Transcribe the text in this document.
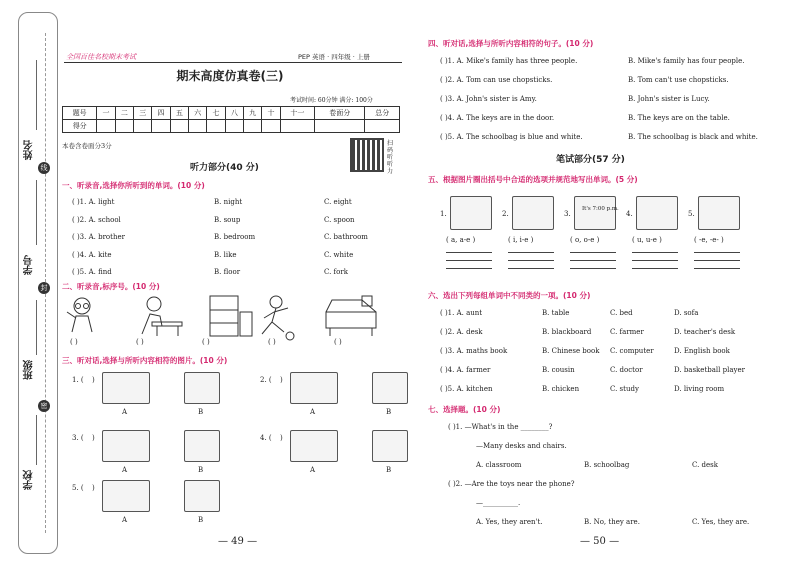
姓名
线
学号
封
班级
密
学校
全国百佳名校期末考试	PEP 英语 · 四年级 · 上册
期末高度仿真卷(三)
考试时间: 60分钟 满分: 100分
题号	一	二	三	四	五	六	七	八	九	十	十一	卷面分	总分
得分													
本卷含卷面分3分	扫码听听力
听力部分(40 分)
一、听录音,选择你所听到的单词。(10 分)
二、听录音,标序号。(10 分)
三、听对话,选择与所听内容相符的图片。(10 分)
四、听对话,选择与所听内容相符的句子。(10 分)
笔试部分(57 分)
五、根据图片圈出括号中合适的选项并规范地写出单词。(5 分)
六、选出下列每组单词中不同类的一项。(10 分)
七、选择题。(10 分)
( )1. —What's in the ________?
—Many desks and chairs.
A. classroom	B. schoolbag	C. desk
( )2. —Are the toys near the phone?
—__________.
A. Yes, they aren't.	B. No, they are.	C. Yes, they are.
— 49 —	— 50 —
( )1. A. light	B. night	C. eight
( )2. A. school	B. soup	C. spoon
( )3. A. brother	B. bedroom	C. bathroom
( )4. A. kite	B. like	C. white
( )5. A. find	B. floor	C. fork
( )	( )	( )	( )	( )
1. ( )
A	B
2. ( )
A	B
3. ( )
A	B
4. ( )
A	B
5. ( )
A	B
( )1. A. Mike's family has three people.	B. Mike's family has four people.
( )2. A. Tom can use chopsticks.	B. Tom can't use chopsticks.
( )3. A. John's sister is Amy.	B. John's sister is Lucy.
( )4. A. The keys are in the door.	B. The keys are on the table.
( )5. A. The schoolbag is blue and white.	B. The schoolbag is black and white.
1.
( a, a-e )
2.
( i, i-e )
3.
( o, o-e )
4.
( u, u-e )
5.
( -e, -e- )
It's 7:00 p.m.
( )1. A. aunt	B. table	C. bed	D. sofa
( )2. A. desk	B. blackboard	C. farmer	D. teacher's desk
( )3. A. maths book	B. Chinese book C. computer	D. English book
( )4. A. farmer	B. cousin	C. doctor	D. basketball player
( )5. A. kitchen	B. chicken	C. study	D. living room
